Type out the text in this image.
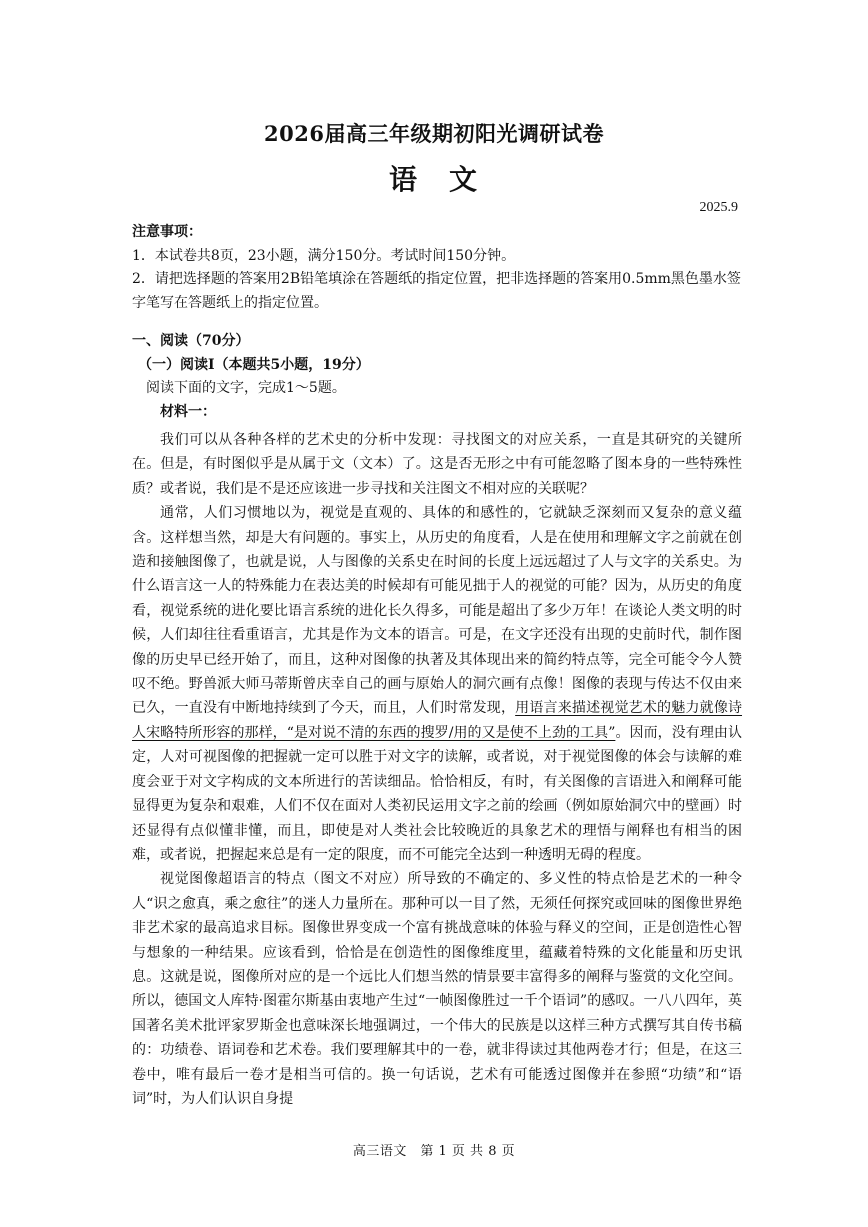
2026届高三年级期初阳光调研试卷
语　文
2025.9

注意事项：

1．本试卷共8页，23小题，满分150分。考试时间150分钟。

2．请把选择题的答案用2B铅笔填涂在答题纸的指定位置，把非选择题的答案用0.5mm黑色墨水签字笔写在答题纸上的指定位置。

一、阅读（70分）

（一）阅读Ⅰ（本题共5小题，19分）

阅读下面的文字，完成1～5题。

材料一：

我们可以从各种各样的艺术史的分析中发现：寻找图文的对应关系，一直是其研究的关键所在。但是，有时图似乎是从属于文（文本）了。这是否无形之中有可能忽略了图本身的一些特殊性质？或者说，我们是不是还应该进一步寻找和关注图文不相对应的关联呢？

通常，人们习惯地以为，视觉是直观的、具体的和感性的，它就缺乏深刻而又复杂的意义蕴含。这样想当然，却是大有问题的。事实上，从历史的角度看，人是在使用和理解文字之前就在创造和接触图像了，也就是说，人与图像的关系史在时间的长度上远远超过了人与文字的关系史。为什么语言这一人的特殊能力在表达美的时候却有可能见拙于人的视觉的可能？因为，从历史的角度看，视觉系统的进化要比语言系统的进化长久得多，可能是超出了多少万年！在谈论人类文明的时候，人们却往往看重语言，尤其是作为文本的语言。可是，在文字还没有出现的史前时代，制作图像的历史早已经开始了，而且，这种对图像的执著及其体现出来的简约特点等，完全可能令今人赞叹不绝。野兽派大师马蒂斯曾庆幸自己的画与原始人的洞穴画有点像！图像的表现与传达不仅由来已久，一直没有中断地持续到了今天，而且，人们时常发现，用语言来描述视觉艺术的魅力就像诗人宋略特所形容的那样，“是对说不清的东西的搜罗/用的又是使不上劲的工具”。因而，没有理由认定，人对可视图像的把握就一定可以胜于对文字的读解，或者说，对于视觉图像的体会与读解的难度会亚于对文字构成的文本所进行的苦读细品。恰恰相反，有时，有关图像的言语进入和阐释可能显得更为复杂和艰难，人们不仅在面对人类初民运用文字之前的绘画（例如原始洞穴中的壁画）时还显得有点似懂非懂，而且，即使是对人类社会比较晚近的具象艺术的理悟与阐释也有相当的困难，或者说，把握起来总是有一定的限度，而不可能完全达到一种透明无碍的程度。

视觉图像超语言的特点（图文不对应）所导致的不确定的、多义性的特点恰是艺术的一种令人“识之愈真，乘之愈往”的迷人力量所在。那种可以一目了然，无须任何探究或回味的图像世界绝非艺术家的最高追求目标。图像世界变成一个富有挑战意味的体验与释义的空间，正是创造性心智与想象的一种结果。应该看到，恰恰是在创造性的图像维度里，蕴藏着特殊的文化能量和历史讯息。这就是说，图像所对应的是一个远比人们想当然的情景要丰富得多的阐释与鉴赏的文化空间。所以，德国文人库特·图霍尔斯基由衷地产生过“一帧图像胜过一千个语词”的感叹。一八八四年，英国著名美术批评家罗斯金也意味深长地强调过，一个伟大的民族是以这样三种方式撰写其自传书稿的：功绩卷、语词卷和艺术卷。我们要理解其中的一卷，就非得读过其他两卷才行；但是，在这三卷中，唯有最后一卷才是相当可信的。换一句话说，艺术有可能透过图像并在参照“功绩”和“语词”时，为人们认识自身提

高三语文　第 1 页 共 8 页
